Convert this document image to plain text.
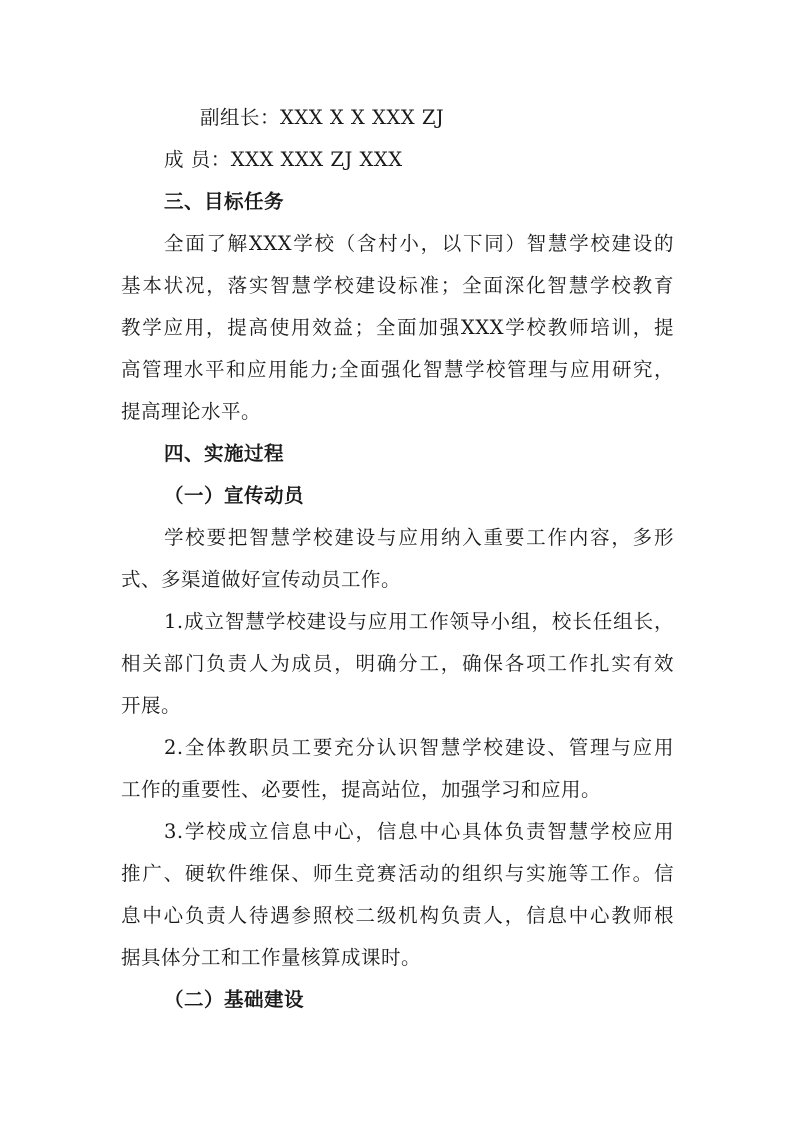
副组长：XXX X X XXX ZJ
成 员：XXX XXX ZJ XXX
三、目标任务
全面了解XXX学校（含村小，以下同）智慧学校建设的
基本状况，落实智慧学校建设标准；全面深化智慧学校教育
教学应用，提高使用效益；全面加强XXX学校教师培训，提
高管理水平和应用能力;全面强化智慧学校管理与应用研究，
提高理论水平。
四、实施过程
（一）宣传动员
学校要把智慧学校建设与应用纳入重要工作内容，多形
式、多渠道做好宣传动员工作。
1.成立智慧学校建设与应用工作领导小组，校长任组长，
相关部门负责人为成员，明确分工，确保各项工作扎实有效
开展。
2.全体教职员工要充分认识智慧学校建设、管理与应用
工作的重要性、必要性，提高站位，加强学习和应用。
3.学校成立信息中心，信息中心具体负责智慧学校应用
推广、硬软件维保、师生竞赛活动的组织与实施等工作。信
息中心负责人待遇参照校二级机构负责人，信息中心教师根
据具体分工和工作量核算成课时。
（二）基础建设
